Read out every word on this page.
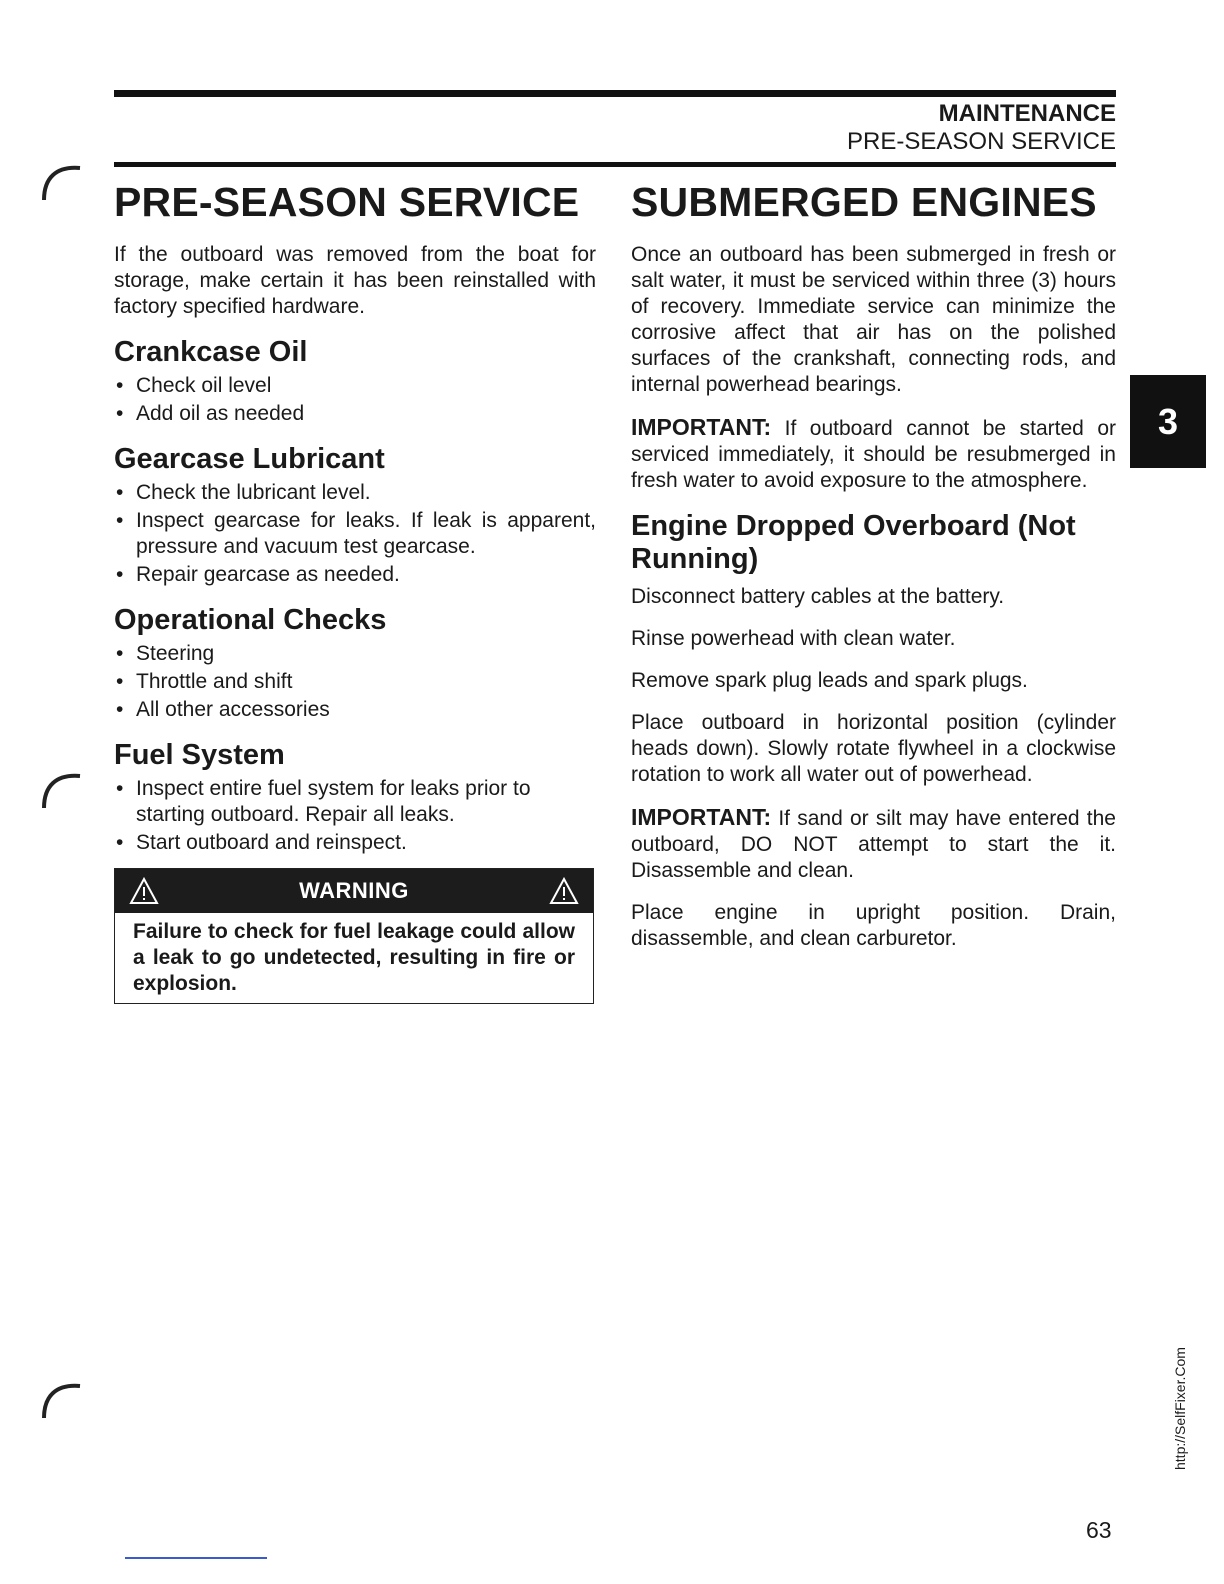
MAINTENANCE
PRE-SEASON SERVICE
PRE-SEASON SERVICE

If the outboard was removed from the boat for storage, make certain it has been reinstalled with factory specified hardware.

Crankcase Oil
• Check oil level
• Add oil as needed
Gearcase Lubricant
• Check the lubricant level.
• Inspect gearcase for leaks. If leak is apparent, pressure and vacuum test gearcase.
• Repair gearcase as needed.
Operational Checks
• Steering
• Throttle and shift
• All other accessories
Fuel System
• Inspect entire fuel system for leaks prior to starting outboard. Repair all leaks.
• Start outboard and reinspect.
WARNING
Failure to check for fuel leakage could allow a leak to go undetected, resulting in fire or explosion.
SUBMERGED ENGINES

Once an outboard has been submerged in fresh or salt water, it must be serviced within three (3) hours of recovery. Immediate service can minimize the corrosive affect that air has on the polished surfaces of the crankshaft, connecting rods, and internal powerhead bearings.

IMPORTANT: If outboard cannot be started or serviced immediately, it should be resubmerged in fresh water to avoid exposure to the atmosphere.

Engine Dropped Overboard (Not Running)

Disconnect battery cables at the battery.

Rinse powerhead with clean water.

Remove spark plug leads and spark plugs.

Place outboard in horizontal position (cylinder heads down). Slowly rotate flywheel in a clockwise rotation to work all water out of powerhead.

IMPORTANT: If sand or silt may have entered the outboard, DO NOT attempt to start the it. Disassemble and clean.

Place engine in upright position. Drain, disassemble, and clean carburetor.

3
63
http://SelfFixer.Com
